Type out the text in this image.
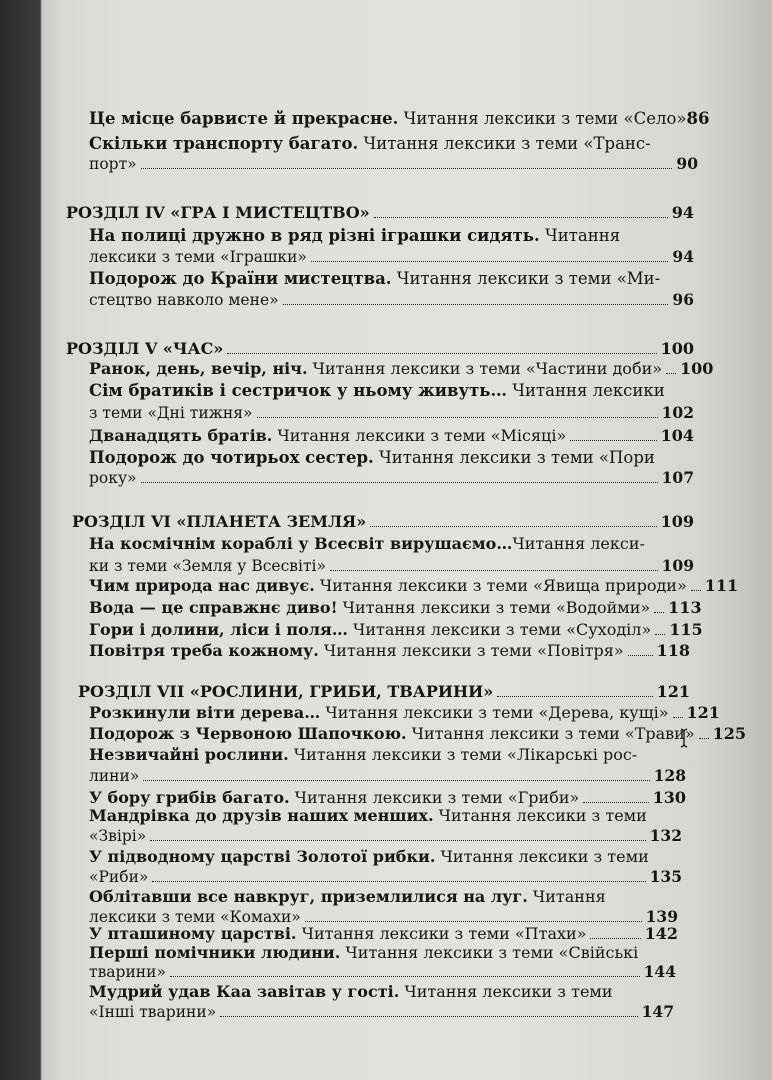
Це місце барвисте й прекрасне. Читання лексики з теми «Село» 86
Скільки транспорту багато. Читання лексики з теми «Транс-
порт»	90
РОЗДІЛ IV «ГРА І МИСТЕЦТВО»	94
На полиці дружно в ряд різні іграшки сидять. Читання
лексики з теми «Іграшки»	94
Подорож до Країни мистецтва. Читання лексики з теми «Ми-
стецтво навколо мене»	96
РОЗДІЛ V «ЧАС»	100
Ранок, день, вечір, ніч. Читання лексики з теми «Частини доби» 100
Сім братиків і сестричок у ньому живуть… Читання лексики
з теми «Дні тижня»	102
Дванадцять братів. Читання лексики з теми «Місяці»	104
Подорож до чотирьох сестер. Читання лексики з теми «Пори
року»	107
РОЗДІЛ VI «ПЛАНЕТА ЗЕМЛЯ»	109
На космічнім кораблі у Всесвіт вирушаємо…Читання лекси-
ки з теми «Земля у Всесвіті»	109
Чим природа нас дивує. Читання лексики з теми «Явища природи» 111
Вода — це справжнє диво! Читання лексики з теми «Водойми» 113
Гори і долини, ліси і поля… Читання лексики з теми «Суходіл» 115
Повітря треба кожному. Читання лексики з теми «Повітря» 118
РОЗДІЛ VII «РОСЛИНИ, ГРИБИ, ТВАРИНИ»	121
Розкинули віти дерева… Читання лексики з теми «Дерева, кущі» 121
Подорож з Червоною Шапочкою. Читання лексики з теми «Трави» 125
Незвичайні рослини. Читання лексики з теми «Лікарські рос-
лини»	128
У бору грибів багато. Читання лексики з теми «Гриби»	130
Мандрівка до друзів наших менших. Читання лексики з теми
«Звірі»	132
У підводному царстві Золотої рибки. Читання лексики з теми
«Риби»	135
Облітавши все навкруг, приземлилися на луг. Читання
лексики з теми «Комахи»	139
У пташиному царстві. Читання лексики з теми «Птахи»	142
Перші помічники людини. Читання лексики з теми «Свійські
тварини»	144
Мудрий удав Каа завітав у гості. Читання лексики з теми
«Інші тварини»	147
